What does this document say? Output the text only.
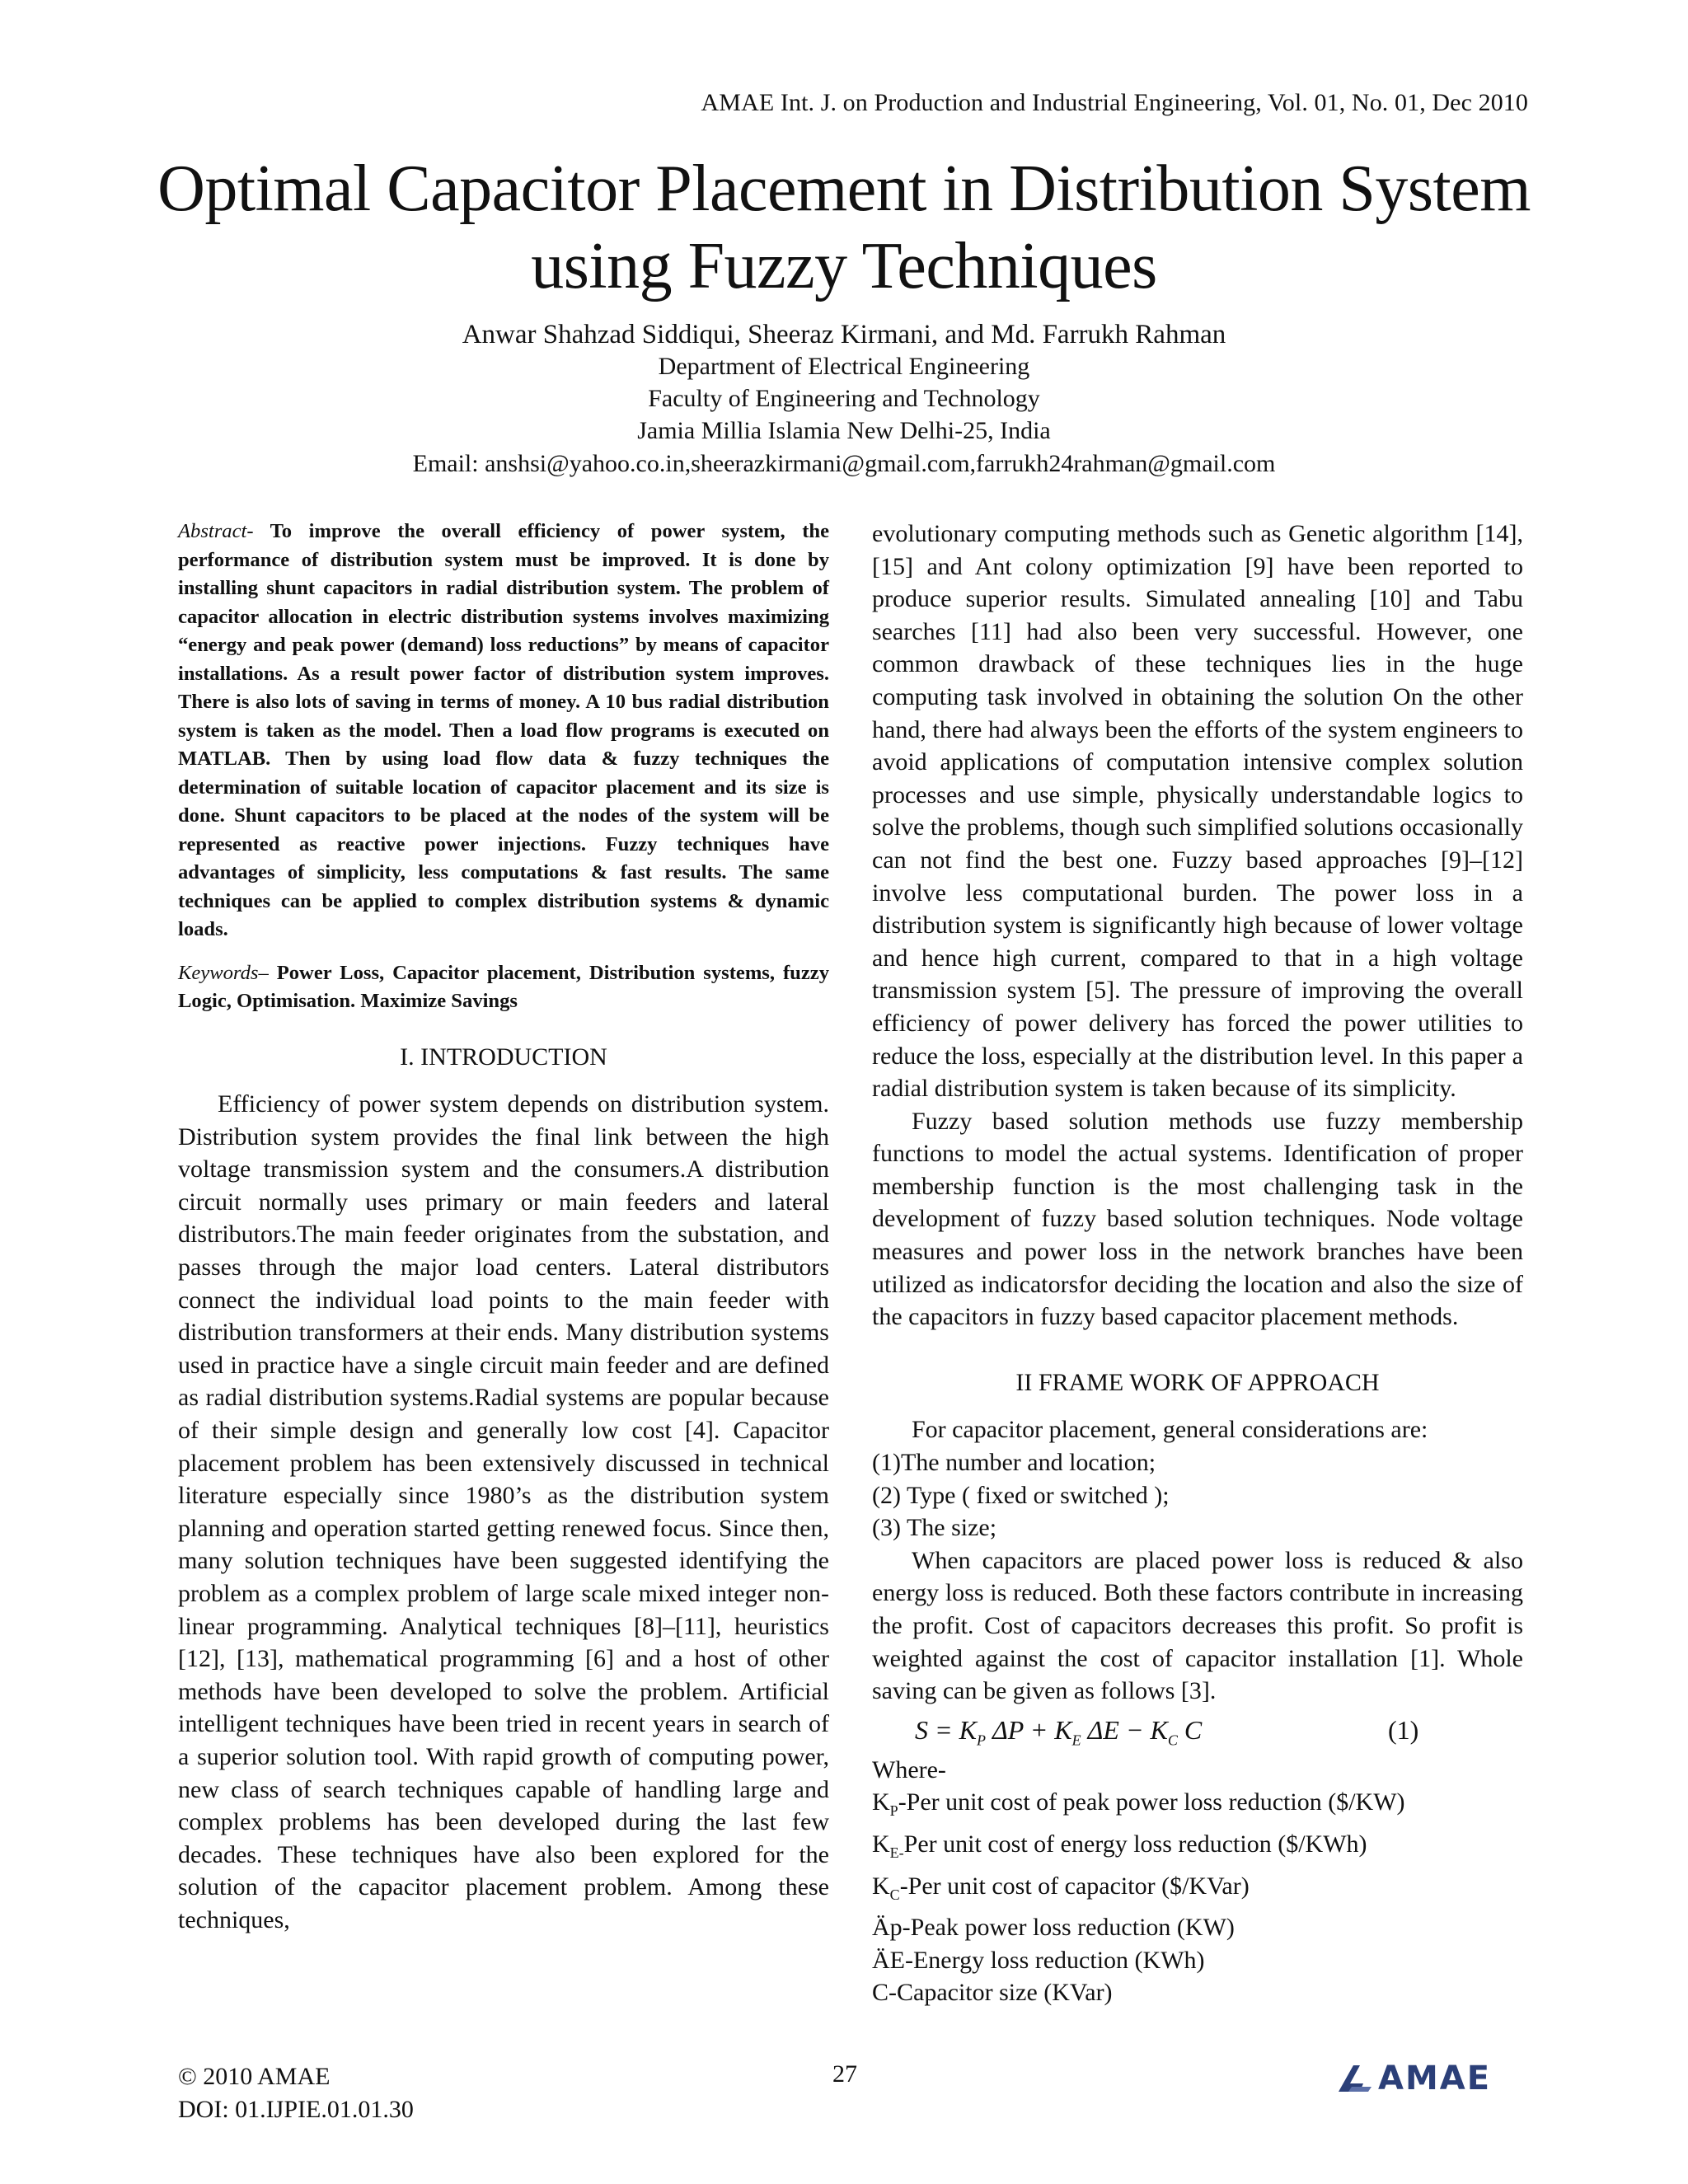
AMAE Int. J. on Production and Industrial Engineering, Vol. 01, No. 01, Dec 2010
Optimal Capacitor Placement in Distribution System
using Fuzzy Techniques
Anwar Shahzad Siddiqui, Sheeraz Kirmani, and Md. Farrukh Rahman
Department of Electrical Engineering
Faculty of Engineering and Technology
Jamia Millia Islamia New Delhi-25, India
Email: anshsi@yahoo.co.in,sheerazkirmani@gmail.com,farrukh24rahman@gmail.com

Abstract- To improve the overall efficiency of power system, the performance of distribution system must be improved. It is done by installing shunt capacitors in radial distribution system. The problem of capacitor allocation in electric distribution systems involves maximizing “energy and peak power (demand) loss reductions” by means of capacitor installations. As a result power factor of distribution system improves. There is also lots of saving in terms of money. A 10 bus radial distribution system is taken as the model. Then a load flow programs is executed on MATLAB. Then by using load flow data & fuzzy techniques the determination of suitable location of capacitor placement and its size is done. Shunt capacitors to be placed at the nodes of the system will be represented as reactive power injections. Fuzzy techniques have advantages of simplicity, less computations & fast results. The same techniques can be applied to complex distribution systems & dynamic loads.

Keywords– Power Loss, Capacitor placement, Distribution systems, fuzzy Logic, Optimisation. Maximize Savings

I. INTRODUCTION

Efficiency of power system depends on distribution system. Distribution system provides the final link between the high voltage transmission system and the consumers.A distribution circuit normally uses primary or main feeders and lateral distributors.The main feeder originates from the substation, and passes through the major load centers. Lateral distributors connect the individual load points to the main feeder with distribution transformers at their ends. Many distribution systems used in practice have a single circuit main feeder and are defined as radial distribution systems.Radial systems are popular because of their simple design and generally low cost [4]. Capacitor placement problem has been extensively discussed in technical literature especially since 1980’s as the distribution system planning and operation started getting renewed focus. Since then, many solution techniques have been suggested identifying the problem as a complex problem of large scale mixed integer non-linear programming. Analytical techniques [8]–[11], heuristics [12], [13], mathematical programming [6] and a host of other methods have been developed to solve the problem. Artificial intelligent techniques have been tried in recent years in search of a superior solution tool. With rapid growth of computing power, new class of search techniques capable of handling large and complex problems has been developed during the last few decades. These techniques have also been explored for the solution of the capacitor placement problem. Among these techniques,

evolutionary computing methods such as Genetic algorithm [14], [15] and Ant colony optimization [9] have been reported to produce superior results. Simulated annealing [10] and Tabu searches [11] had also been very successful. However, one common drawback of these techniques lies in the huge computing task involved in obtaining the solution On the other hand, there had always been the efforts of the system engineers to avoid applications of computation intensive complex solution processes and use simple, physically understandable logics to solve the problems, though such simplified solutions occasionally can not find the best one. Fuzzy based approaches [9]–[12] involve less computational burden. The power loss in a distribution system is significantly high because of lower voltage and hence high current, compared to that in a high voltage transmission system [5]. The pressure of improving the overall efficiency of power delivery has forced the power utilities to reduce the loss, especially at the distribution level. In this paper a radial distribution system is taken because of its simplicity.

Fuzzy based solution methods use fuzzy membership functions to model the actual systems. Identification of proper membership function is the most challenging task in the development of fuzzy based solution techniques. Node voltage measures and power loss in the network branches have been utilized as indicatorsfor deciding the location and also the size of the capacitors in fuzzy based capacitor placement methods.

II FRAME WORK OF APPROACH

For capacitor placement, general considerations are:

(1)The number and location;

(2) Type ( fixed or switched );

(3) The size;

When capacitors are placed power loss is reduced & also energy loss is reduced. Both these factors contribute in increasing the profit. Cost of capacitors decreases this profit. So profit is weighted against the cost of capacitor installation [1]. Whole saving can be given as follows [3].

$S = K_P$ $\Delta P + K_E$ $\Delta E - K_C$ C	(1)

Where-

$K_P$-Per unit cost of peak power loss reduction ($/KW)
$K_{E-}Per$ unit cost of energy loss reduction ($/KWh)
$K_C$-Per unit cost of capacitor ($/KVar)
Äp-Peak power loss reduction (KW)
ÄE-Energy loss reduction (KWh)
C-Capacitor size (KVar)
© 2010 AMAE
DOI: 01.IJPIE.01.01.30
27	AMAE
